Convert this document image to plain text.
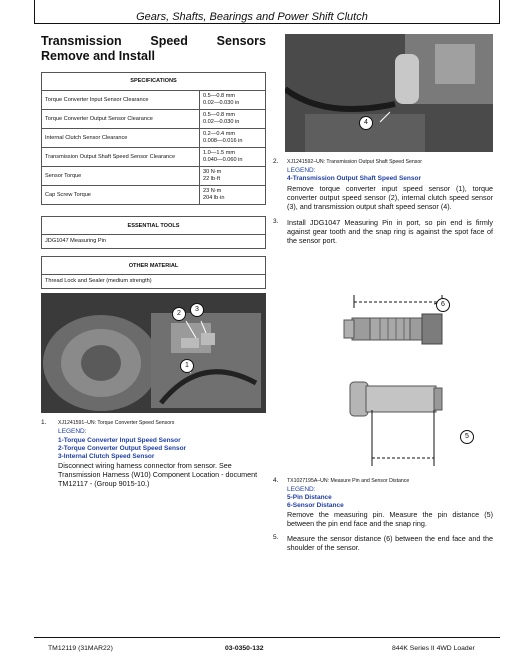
Gears, Shafts, Bearings and Power Shift Clutch
Transmission Speed Sensors Remove and Install
SPECIFICATIONS	
Torque Converter Input Sensor Clearance	0.5—0.8 mm
0.02—0.030 in

Torque Converter Output Sensor Clearance	0.5—0.8 mm
0.02—0.030 in

Internal Clutch Sensor Clearance	0.2—0.4 mm
0.008—0.016 in

Transmission Output Shaft Speed Sensor Clearance	1.0—1.5 mm
0.040—0.060 in

Sensor Torque	30 N·m
22 lb·ft

Cap Screw Torque	23 N·m
204 lb·in
ESSENTIAL TOOLS
JDG1047 Measuring Pin
OTHER MATERIAL
Thread Lock and Sealer (medium strength)
2
3
1
1. XJ1241591–UN: Torque Converter Speed Sensors
LEGEND:
1-Torque Converter Input Speed Sensor
2-Torque Converter Output Speed Sensor
3-Internal Clutch Speed Sensor
Disconnect wiring harness connector from sensor. See Transmission Harness (W10) Component Location - document TM12117 - (Group 9015-10.)
4
2. XJ1241592–UN: Transmission Output Shaft Speed Sensor
LEGEND:
4-Transmission Output Shaft Speed Sensor
Remove torque converter input speed sensor (1), torque converter output speed sensor (2), internal clutch speed sensor (3), and transmission output shaft speed sensor (4).
3. Install JDG1047 Measuring Pin in port, so pin end is firmly against gear tooth and the snap ring is against the spot face of the sensor port.
6
5
4. TX1027195A–UN: Measure Pin and Sensor Distance
LEGEND:
5-Pin Distance
6-Sensor Distance
Remove the measuring pin. Measure the pin distance (5) between the pin end face and the snap ring.
5. Measure the sensor distance (6) between the end face and the shoulder of the sensor.
TM12119 (31MAR22)	03-0350-132	844K Series II 4WD Loader
